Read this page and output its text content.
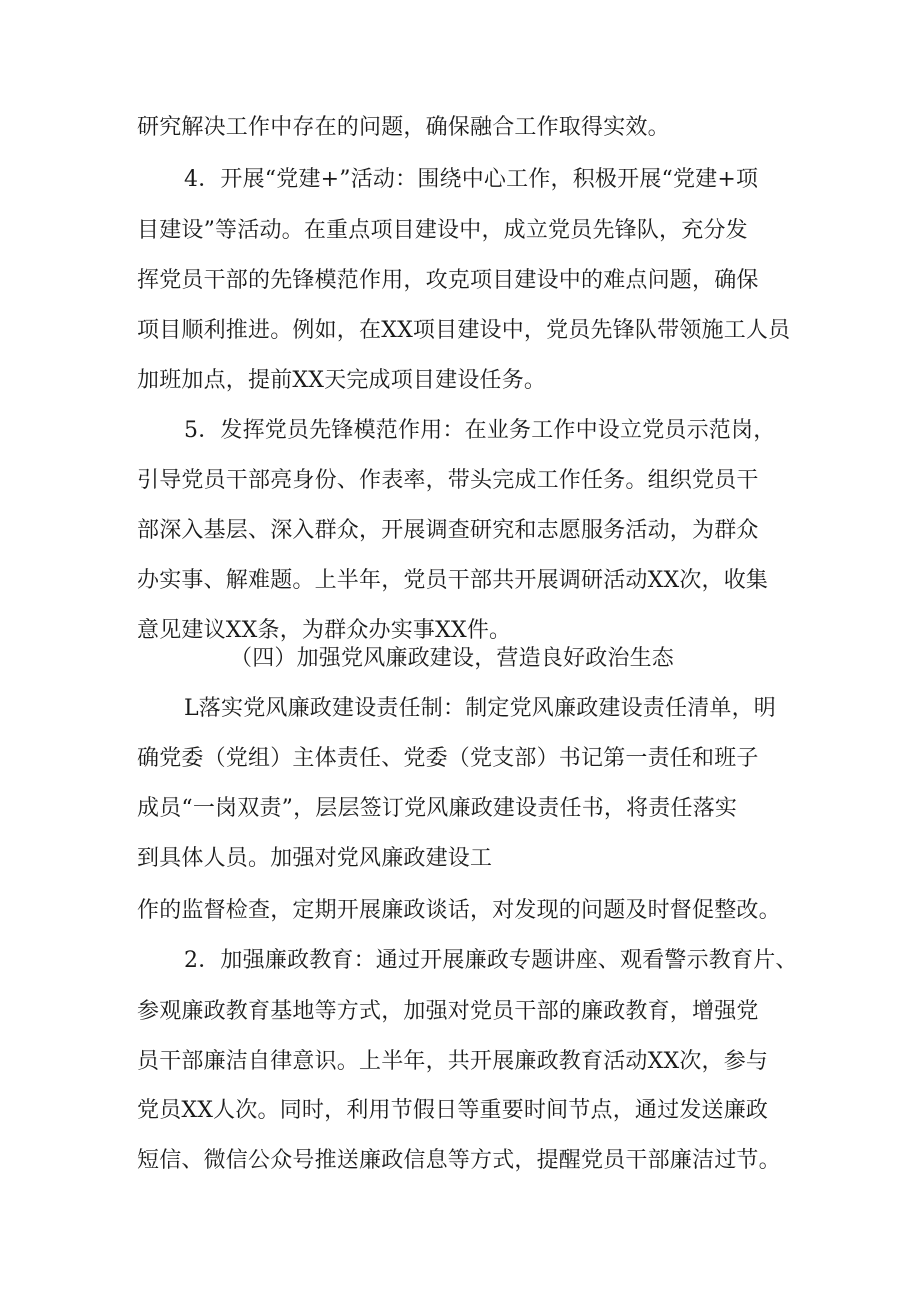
研究解决工作中存在的问题，确保融合工作取得实效。
4．开展“党建+”活动：围绕中心工作，积极开展“党建+项
目建设”等活动。在重点项目建设中，成立党员先锋队，充分发
挥党员干部的先锋模范作用，攻克项目建设中的难点问题，确保
项目顺利推进。例如，在XX项目建设中，党员先锋队带领施工人员
加班加点，提前XX天完成项目建设任务。
5．发挥党员先锋模范作用：在业务工作中设立党员示范岗，
引导党员干部亮身份、作表率，带头完成工作任务。组织党员干
部深入基层、深入群众，开展调查研究和志愿服务活动，为群众
办实事、解难题。上半年，党员干部共开展调研活动XX次，收集
意见建议XX条，为群众办实事XX件。
（四）加强党风廉政建设，营造良好政治生态
L落实党风廉政建设责任制：制定党风廉政建设责任清单，明
确党委（党组）主体责任、党委（党支部）书记第一责任和班子
成员“一岗双责”，层层签订党风廉政建设责任书，将责任落实
到具体人员。加强对党风廉政建设工
作的监督检查，定期开展廉政谈话，对发现的问题及时督促整改。
2．加强廉政教育：通过开展廉政专题讲座、观看警示教育片、
参观廉政教育基地等方式，加强对党员干部的廉政教育，增强党
员干部廉洁自律意识。上半年，共开展廉政教育活动XX次，参与
党员XX人次。同时，利用节假日等重要时间节点，通过发送廉政
短信、微信公众号推送廉政信息等方式，提醒党员干部廉洁过节。
